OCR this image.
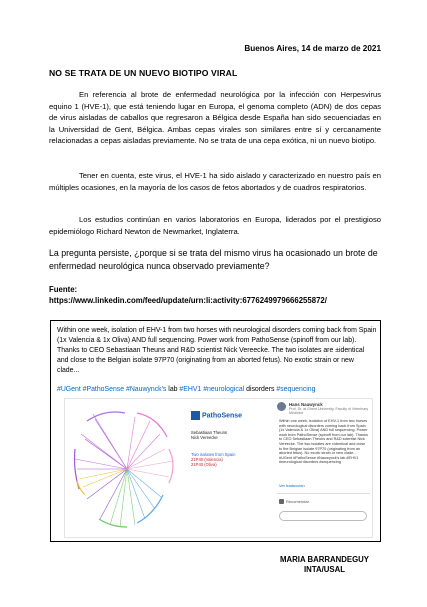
Buenos Aires, 14 de marzo de 2021
NO SE TRATA DE UN NUEVO BIOTIPO VIRAL

En referencia al brote de enfermedad neurológica por la infección con Herpesvirus equino 1 (HVE-1), que está teniendo lugar en Europa, el genoma completo (ADN) de dos cepas de virus aisladas de caballos que regresaron a Bélgica desde España han sido secuenciadas en la Universidad de Gent, Bélgica. Ambas cepas virales son similares entre sí y cercanamente relacionadas a cepas aisladas previamente. No se trata de una cepa exótica, ni un nuevo biotipo.

Tener en cuenta, este virus, el HVE-1 ha sido aislado y caracterizado en nuestro país en múltiples ocasiones, en la mayoría de los casos de fetos abortados y de cuadros respiratorios.

Los estudios continúan en varios laboratorios en Europa, liderados por el prestigioso epidemiólogo Richard Newton de Newmarket, Inglaterra.

La pregunta persiste, ¿porque si se trata del mismo virus ha ocasionado un brote de enfermedad neurológica nunca observado previamente?

Fuente:
https://www.linkedin.com/feed/update/urn:li:activity:6776249979666255872/

Within one week, isolation of EHV-1 from two horses with neurological disorders coming back from Spain (1x Valencia & 1x Oliva) AND full sequencing. Power work from PathoSense (spinoff from our lab). Thanks to CEO Sebastiaan Theuns and R&D scientist Nick Vereecke. The two isolates are ±identical and close to the Belgian isolate 97P70 (originating from an aborted fetus). No exotic strain or new clade...

#UGent #PathoSense #Nauwynck's lab #EHV1 #neurological disorders #sequencing
PathoSense
Sebastiaan Theuns
Nick Vereecke
Two isolates from Spain
21P40 (Valencia)
21P40 (Oliva)
Hans Nauwynck
Prof. Dr. at Ghent University, Faculty of Veterinary Medicine
Within one week, isolation of EHV-1 from two horses with neurological disorders coming back from Spain (1x Valencia & 1x Oliva) AND full sequencing. Power work from PathoSense (spinoff from our lab). Thanks to CEO Sebastiaan Theuns and R&D scientist Nick Vereecke. The two isolates are ±identical and close to the Belgian isolate 97P70 (originating from an aborted fetus). No exotic strain or new clade... #UGent #PathoSense #Nauwynck's lab #EHV1 #neurological disorders #sequencing
Ver traducción
Recomendar
MARIA BARRANDEGUY
INTA/USAL
